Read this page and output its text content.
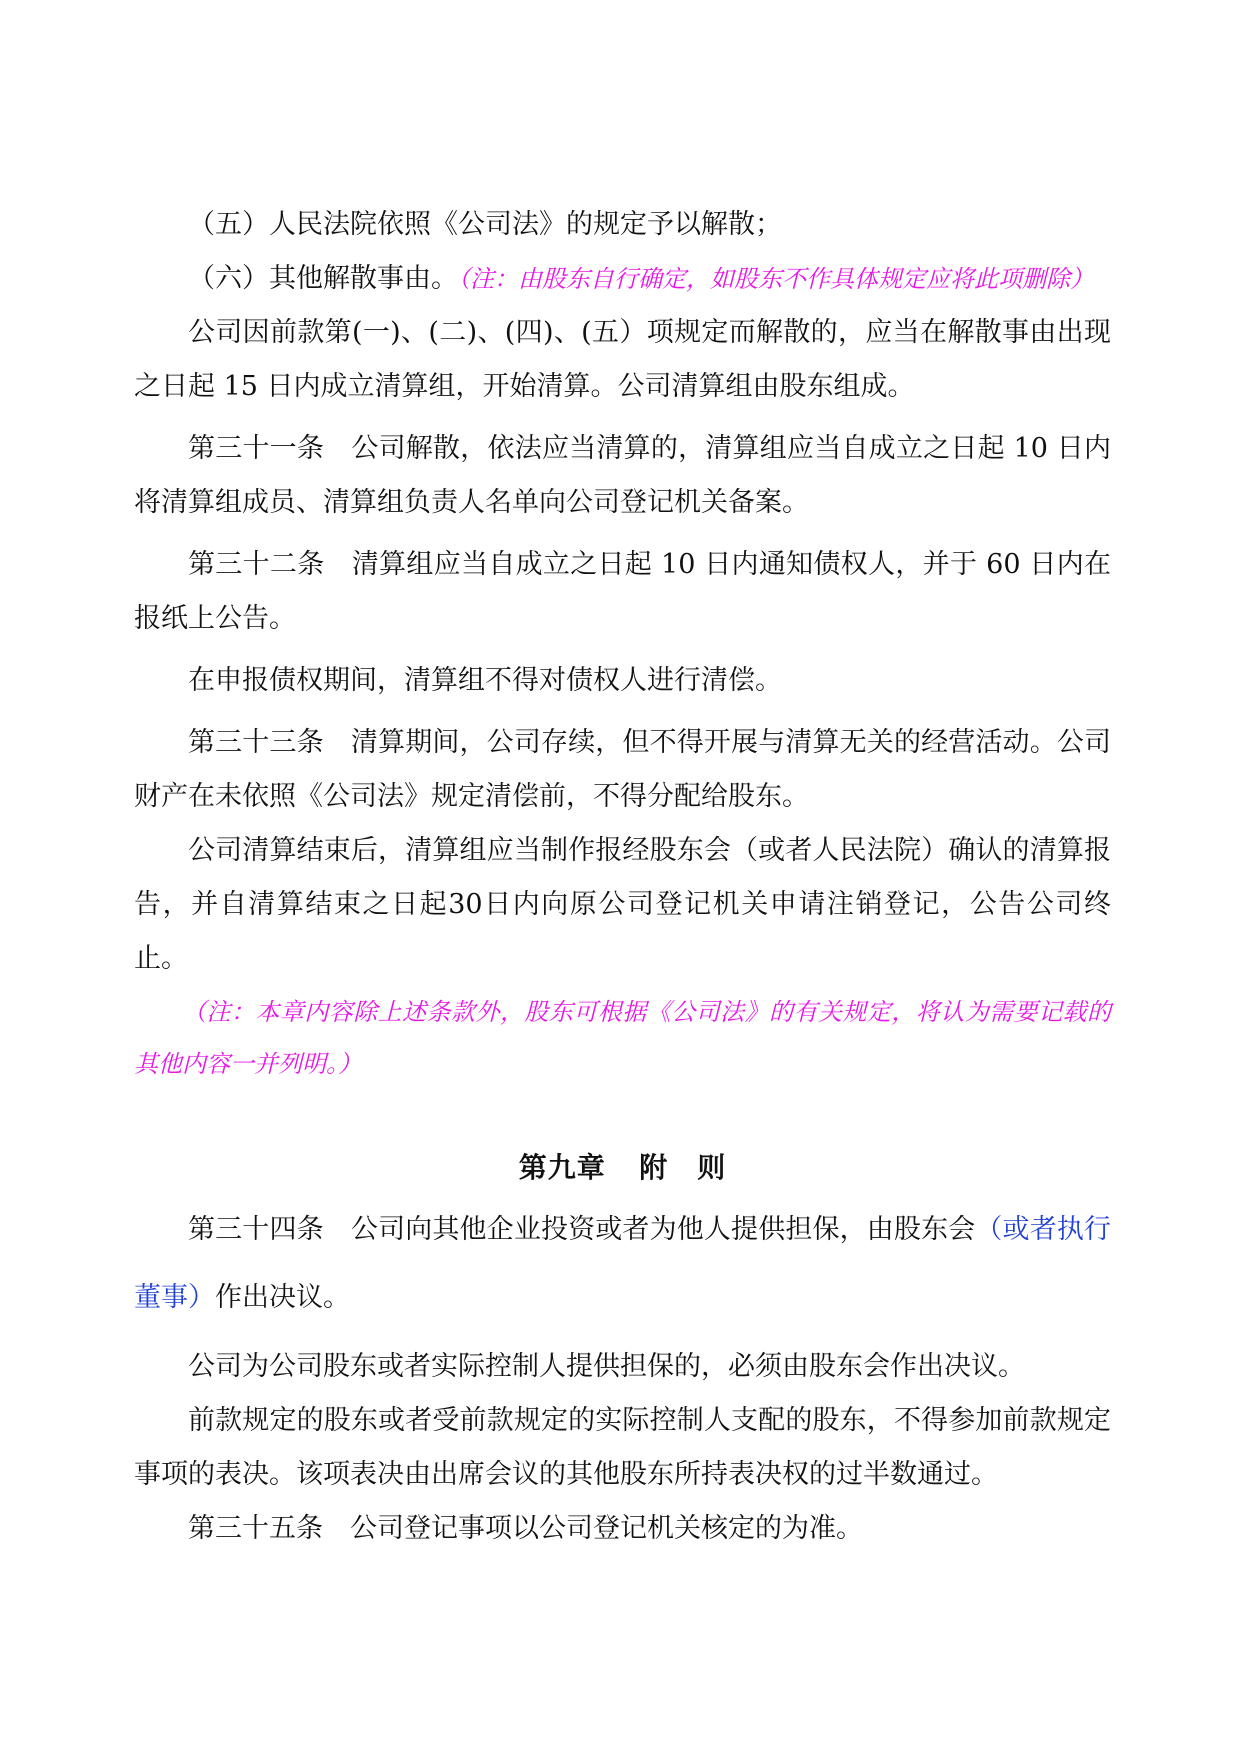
（五）人民法院依照《公司法》的规定予以解散；

（六）其他解散事由。（注：由股东自行确定，如股东不作具体规定应将此项删除）

公司因前款第(一)、(二)、(四)、(五）项规定而解散的，应当在解散事由出现之日起 15 日内成立清算组，开始清算。公司清算组由股东组成。

第三十一条 公司解散，依法应当清算的，清算组应当自成立之日起 10 日内将清算组成员、清算组负责人名单向公司登记机关备案。

第三十二条 清算组应当自成立之日起 10 日内通知债权人，并于 60 日内在报纸上公告。

在申报债权期间，清算组不得对债权人进行清偿。

第三十三条 清算期间，公司存续，但不得开展与清算无关的经营活动。公司财产在未依照《公司法》规定清偿前，不得分配给股东。

公司清算结束后，清算组应当制作报经股东会（或者人民法院）确认的清算报告，并自清算结束之日起30日内向原公司登记机关申请注销登记，公告公司终止。

（注：本章内容除上述条款外，股东可根据《公司法》的有关规定，将认为需要记载的其他内容一并列明。）

第九章 附　则

第三十四条 公司向其他企业投资或者为他人提供担保，由股东会（或者执行董事）作出决议。

公司为公司股东或者实际控制人提供担保的，必须由股东会作出决议。

前款规定的股东或者受前款规定的实际控制人支配的股东，不得参加前款规定事项的表决。该项表决由出席会议的其他股东所持表决权的过半数通过。

第三十五条 公司登记事项以公司登记机关核定的为准。
